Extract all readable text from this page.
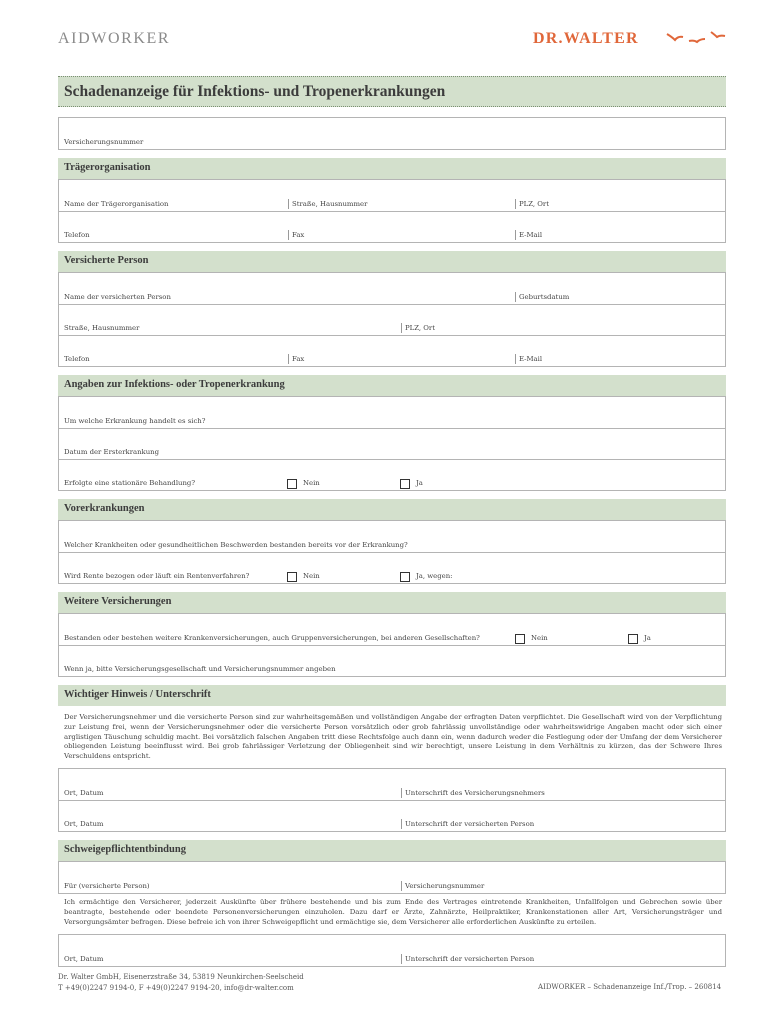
AIDWORKER	DR.WALTER
Schadenanzeige für Infektions- und Tropenerkrankungen
Versicherungsnummer
Trägerorganisation
Name der Trägerorganisation	Straße, Hausnummer	PLZ, Ort
Telefon	Fax	E-Mail
Versicherte Person
Name der versicherten Person	Geburtsdatum
Straße, Hausnummer	PLZ, Ort
Telefon	Fax	E-Mail
Angaben zur Infektions- oder Tropenerkrankung
Um welche Erkrankung handelt es sich?
Datum der Ersterkrankung
Erfolgte eine stationäre Behandlung?	Nein	Ja
Vorerkrankungen
Welcher Krankheiten oder gesundheitlichen Beschwerden bestanden bereits vor der Erkrankung?
Wird Rente bezogen oder läuft ein Rentenverfahren?	Nein	Ja, wegen:
Weitere Versicherungen
Bestanden oder bestehen weitere Krankenversicherungen, auch Gruppenversicherungen, bei anderen Gesellschaften?	Nein	Ja
Wenn ja, bitte Versicherungsgesellschaft und Versicherungsnummer angeben
Wichtiger Hinweis / Unterschrift
Der Versicherungsnehmer und die versicherte Person sind zur wahrheitsgemäßen und vollständigen Angabe der erfragten Daten verpflichtet. Die Gesellschaft wird von der Verpflichtung zur Leistung frei, wenn der Versicherungsnehmer oder die versicherte Person vorsätzlich oder grob fahrlässig unvollständige oder wahrheitswidrige Angaben macht oder sich einer arglistigen Täuschung schuldig macht. Bei vorsätzlich falschen Angaben tritt diese Rechtsfolge auch dann ein, wenn dadurch weder die Festlegung oder der Umfang der dem Versicherer obliegenden Leistung beeinflusst wird. Bei grob fahrlässiger Verletzung der Obliegenheit sind wir berechtigt, unsere Leistung in dem Verhältnis zu kürzen, das der Schwere Ihres Verschuldens entspricht.
Ort, Datum	Unterschrift des Versicherungsnehmers
Ort, Datum	Unterschrift der versicherten Person
Schweigepflichtentbindung
Für (versicherte Person)	Versicherungsnummer
Ich ermächtige den Versicherer, jederzeit Auskünfte über frühere bestehende und bis zum Ende des Vertrages eintretende Krankheiten, Unfallfolgen und Gebrechen sowie über beantragte, bestehende oder beendete Personenversicherungen einzuholen. Dazu darf er Ärzte, Zahnärzte, Heilpraktiker, Krankenstationen aller Art, Versicherungsträger und Versorgungsämter befragen. Diese befreie ich von ihrer Schweigepflicht und ermächtige sie, dem Versicherer alle erforderlichen Auskünfte zu erteilen.
Ort, Datum	Unterschrift der versicherten Person
Dr. Walter GmbH, Eisenerzstraße 34, 53819 Neunkirchen-Seelscheid
T +49(0)2247 9194-0, F +49(0)2247 9194-20, info@dr-walter.com	AIDWORKER – Schadenanzeige Inf./Trop. – 260814
